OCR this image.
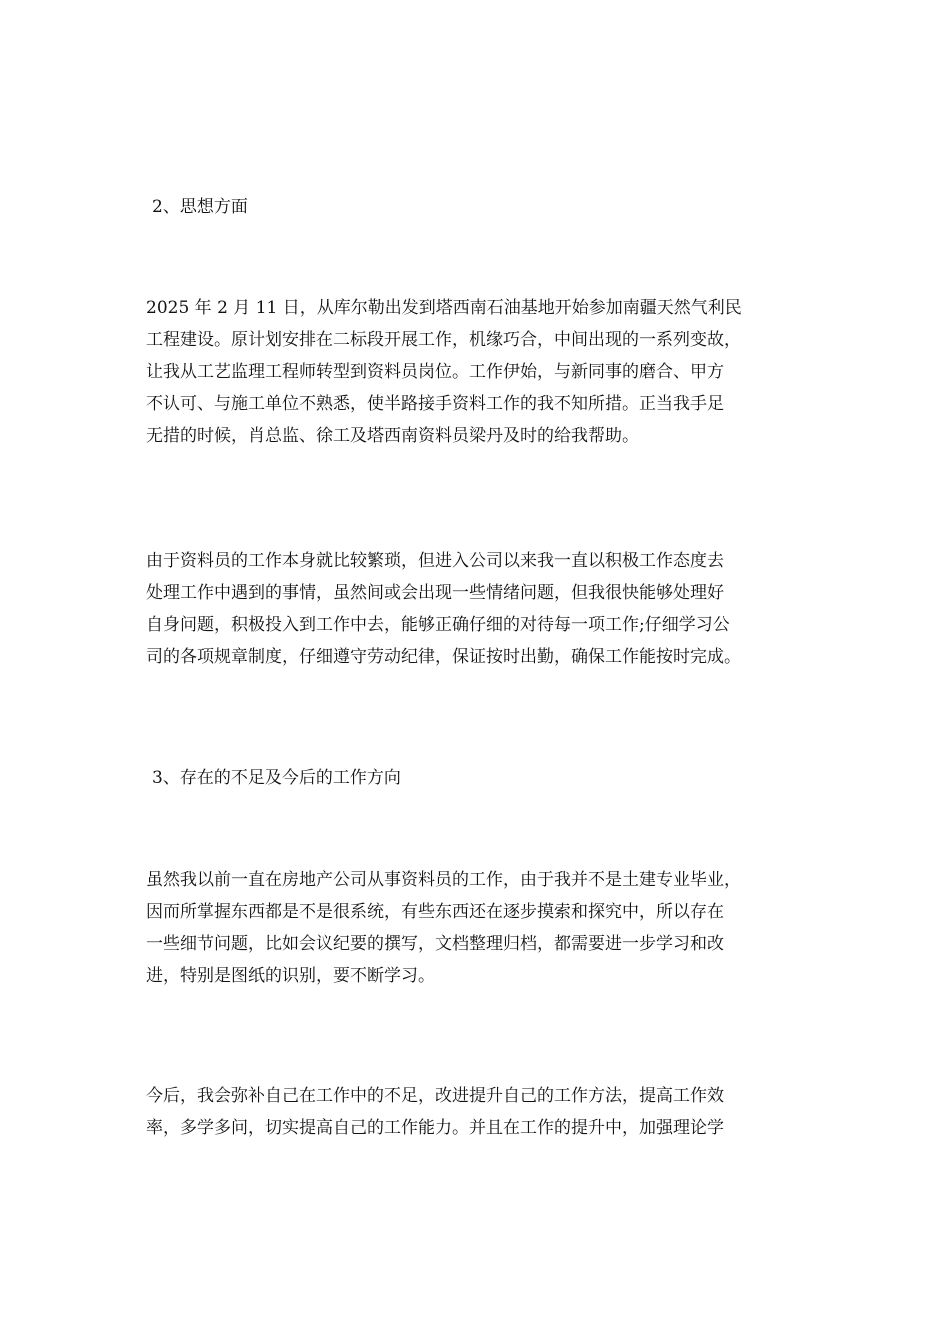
2、思想方面
2025 年 2 月 11 日，从库尔勒出发到塔西南石油基地开始参加南疆天然气利民
工程建设。原计划安排在二标段开展工作，机缘巧合，中间出现的一系列变故，
让我从工艺监理工程师转型到资料员岗位。工作伊始，与新同事的磨合、甲方
不认可、与施工单位不熟悉，使半路接手资料工作的我不知所措。正当我手足
无措的时候，肖总监、徐工及塔西南资料员梁丹及时的给我帮助。
由于资料员的工作本身就比较繁琐，但进入公司以来我一直以积极工作态度去
处理工作中遇到的事情，虽然间或会出现一些情绪问题，但我很快能够处理好
自身问题，积极投入到工作中去，能够正确仔细的对待每一项工作;仔细学习公
司的各项规章制度，仔细遵守劳动纪律，保证按时出勤，确保工作能按时完成。
3、存在的不足及今后的工作方向
虽然我以前一直在房地产公司从事资料员的工作，由于我并不是土建专业毕业，
因而所掌握东西都是不是很系统，有些东西还在逐步摸索和探究中，所以存在
一些细节问题，比如会议纪要的撰写，文档整理归档，都需要进一步学习和改
进，特别是图纸的识别，要不断学习。
今后，我会弥补自己在工作中的不足，改进提升自己的工作方法，提高工作效
率，多学多问，切实提高自己的工作能力。并且在工作的提升中，加强理论学
